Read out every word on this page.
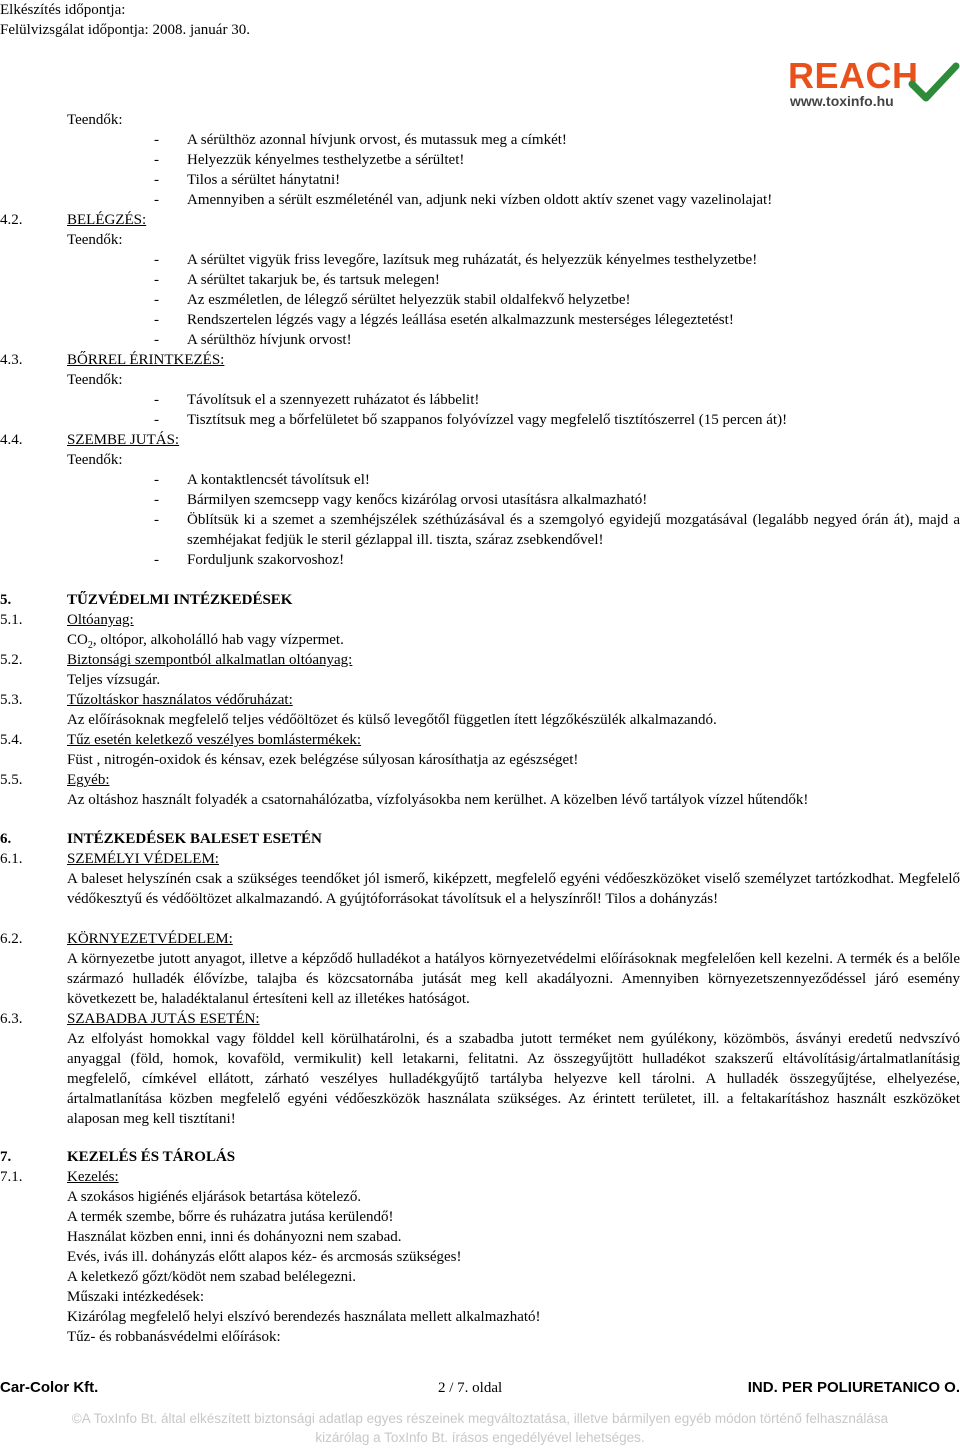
Elkészítés időpontja:
Felülvizsgálat időpontja: 2008. január 30.
REACH
www.toxinfo.hu
Teendők:
- A sérülthöz azonnal hívjunk orvost, és mutassuk meg a címkét!
- Helyezzük kényelmes testhelyzetbe a sérültet!
- Tilos a sérültet hánytatni!
- Amennyiben a sérült eszméleténél van, adjunk neki vízben oldott aktív szenet vagy vazelinolajat!
4.2.	BELÉGZÉS:
Teendők:
- A sérültet vigyük friss levegőre, lazítsuk meg ruházatát, és helyezzük kényelmes testhelyzetbe!
- A sérültet takarjuk be, és tartsuk melegen!
- Az eszméletlen, de lélegző sérültet helyezzük stabil oldalfekvő helyzetbe!
- Rendszertelen légzés vagy a légzés leállása esetén alkalmazzunk mesterséges lélegeztetést!
- A sérülthöz hívjunk orvost!
4.3.	BŐRREL ÉRINTKEZÉS:
Teendők:
- Távolítsuk el a szennyezett ruházatot és lábbelit!
- Tisztítsuk meg a bőrfelületet bő szappanos folyóvízzel vagy megfelelő tisztítószerrel (15 percen át)!
4.4.	SZEMBE JUTÁS:
Teendők:
- A kontaktlencsét távolítsuk el!
- Bármilyen szemcsepp vagy kenőcs kizárólag orvosi utasításra alkalmazható!
- Öblítsük ki a szemet a szemhéjszélek széthúzásával és a szemgolyó egyidejű mozgatásával (legalább negyed órán át), majd a szemhéjakat fedjük le steril gézlappal ill. tiszta, száraz zsebkendővel!
- Forduljunk szakorvoshoz!
5.	TŰZVÉDELMI INTÉZKEDÉSEK
5.1.	Oltóanyag:
$CO_2$, oltópor, alkoholálló hab vagy vízpermet.
5.2.	Biztonsági szempontból alkalmatlan oltóanyag:
Teljes vízsugár.
5.3.	Tűzoltáskor használatos védőruházat:
Az előírásoknak megfelelő teljes védőöltözet és külső levegőtől független ített légzőkészülék alkalmazandó.
5.4.	Tűz esetén keletkező veszélyes bomlástermékek:
Füst , nitrogén-oxidok és kénsav, ezek belégzése súlyosan károsíthatja az egészséget!
5.5.	Egyéb:
Az oltáshoz használt folyadék a csatornahálózatba, vízfolyásokba nem kerülhet. A közelben lévő tartályok vízzel hűtendők!
6.	INTÉZKEDÉSEK BALESET ESETÉN
6.1.	SZEMÉLYI VÉDELEM:
A baleset helyszínén csak a szükséges teendőket jól ismerő, kiképzett, megfelelő egyéni védőeszközöket viselő személyzet tartózkodhat. Megfelelő védőkesztyű és védőöltözet alkalmazandó. A gyújtóforrásokat távolítsuk el a helyszínről! Tilos a dohányzás!
6.2.	KÖRNYEZETVÉDELEM:
A környezetbe jutott anyagot, illetve a képződő hulladékot a hatályos környezetvédelmi előírásoknak megfelelően kell kezelni. A termék és a belőle származó hulladék élővízbe, talajba és közcsatornába jutását meg kell akadályozni. Amennyiben környezetszennyeződéssel járó esemény következett be, haladéktalanul értesíteni kell az illetékes hatóságot.
6.3.	SZABADBA JUTÁS ESETÉN:
Az elfolyást homokkal vagy földdel kell körülhatárolni, és a szabadba jutott terméket nem gyúlékony, közömbös, ásványi eredetű nedvszívó anyaggal (föld, homok, kovaföld, vermikulit) kell letakarni, felitatni. Az összegyűjtött hulladékot szakszerű eltávolításig/ártalmatlanításig megfelelő, címkével ellátott, zárható veszélyes hulladékgyűjtő tartályba helyezve kell tárolni. A hulladék összegyűjtése, elhelyezése, ártalmatlanítása közben megfelelő egyéni védőeszközök használata szükséges. Az érintett területet, ill. a feltakarításhoz használt eszközöket alaposan meg kell tisztítani!
7.	KEZELÉS ÉS TÁROLÁS
7.1.	Kezelés:
A szokásos higiénés eljárások betartása kötelező.
A termék szembe, bőrre és ruházatra jutása kerülendő!
Használat közben enni, inni és dohányozni nem szabad.
Evés, ivás ill. dohányzás előtt alapos kéz- és arcmosás szükséges!
A keletkező gőzt/ködöt nem szabad belélegezni.
Műszaki intézkedések:
Kizárólag megfelelő helyi elszívó berendezés használata mellett alkalmazható!
Tűz- és robbanásvédelmi előírások:
Car-Color Kft.	2 / 7. oldal	IND. PER POLIURETANICO O.
©A ToxInfo Bt. által elkészített biztonsági adatlap egyes részeinek megváltoztatása, illetve bármilyen egyéb módon történő felhasználása
kizárólag a ToxInfo Bt. írásos engedélyével lehetséges.
